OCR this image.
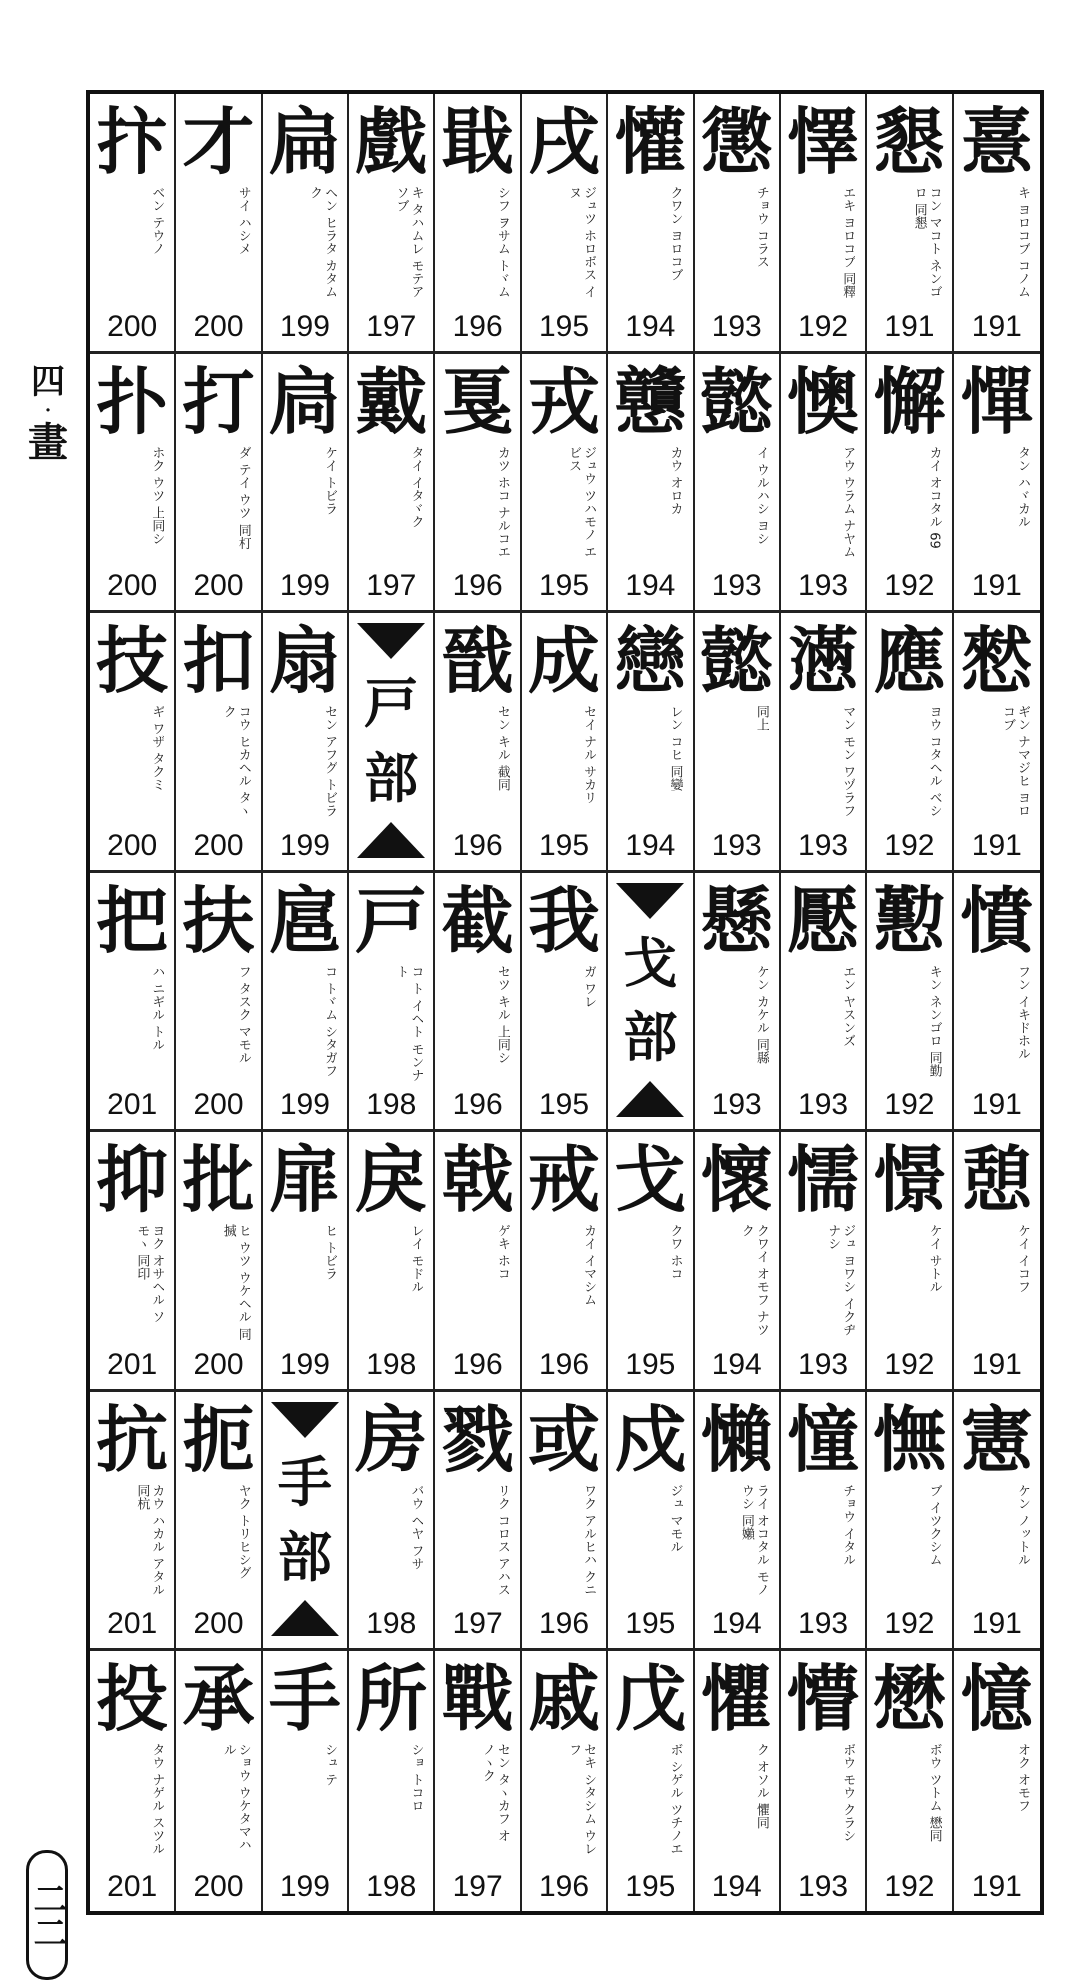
四
·
畫
二二
抃
ベン テウノ
200
才
サイ ハシメ
200
扁
ヘン ヒラタ カタムク
199
戲
キ タハムレ モテアソブ
197
戢
シフ ヲサム トヾム
196
戌
ジュツ ホロボス イヌ
195
懽
クワン ヨロコブ
194
懲
チョウ コラス
193
懌
エキ ヨロコブ 同釋
192
懇
コン マコト ネンゴロ 同懇
191
憙
キ ヨロコブ コノム
191
扑
ホク ウツ 上同シ
200
打
ダ テイ ウツ 同朾
200
扃
ケイ トビラ
199
戴
タイ イタヾク
197
戛
カツ ホコ ナルコエ
196
戎
ジュウ ツハモノ エビス
195
戇
カウ オロカ
194
懿
イ ウルハシ ヨシ
193
懊
アウ ウラム ナヤム
193
懈
カイ オコタル 69
192
憚
タン ハヾカル
191
技
ギ ワザ タクミ
200
扣
コウ ヒカヘル タヽク
200
扇
セン アフグ トビラ
199
戸
部
戩
セン キル 截同
196
成
セイ ナル サカリ
195
戀
レン コヒ 同孌
194
懿
同上
193
懣
マン モン ワヅラフ
193
應
ヨウ コタヘル ベシ
192
憖
ギン ナマジヒ ヨロコブ
191
把
ハ ニギル トル
201
扶
フ タスク マモル
200
扈
コ トヾム シタガフ
199
戸
コ ト イヘト モンナト
198
截
セツ キル 上同シ
196
我
ガ ワレ
195
戈
部
懸
ケン カケル 同縣
193
懕
エン ヤスンズ
193
懃
キン ネンゴロ 同勤
192
憤
フン イキドホル
191
抑
ヨク オサヘル ソモヽ 同印
201
批
ヒ ウツ ウケヘル 同搣
200
扉
ヒ トビラ
199
戾
レイ モドル
198
戟
ゲキ ホコ
196
戒
カイ イマシム
196
戈
クワ ホコ
195
懷
クワイ オモフ ナツク
194
懦
ジュ ヨワシ イクヂナシ
193
憬
ケイ サトル
192
憩
ケイ イコフ
191
抗
カウ ハカル アタル 同杭
201
扼
ヤク トリヒシグ
200
手
部
房
バウ ヘヤ フサ
198
戮
リク コロス アハス
197
或
ワク アルヒハ クニ
196
戍
ジュ マモル
195
懶
ライ オコタル モノウシ 同嬾
194
憧
チョウ イタル
193
憮
ブ イツクシム
192
憲
ケン ノットル
191
投
タウ ナゲル スツル
201
承
ショウ ウケタマハル
200
手
シュ テ
199
所
ショ トコロ
198
戰
セン タヽカフ オノヽク
197
戚
セキ シタシム ウレフ
196
戊
ボ シゲル ツチノエ
195
懼
ク オソル 懼同
194
懵
ボウ モウ クラシ
193
懋
ボウ ツトム 懋同
192
憶
オク オモフ
191
